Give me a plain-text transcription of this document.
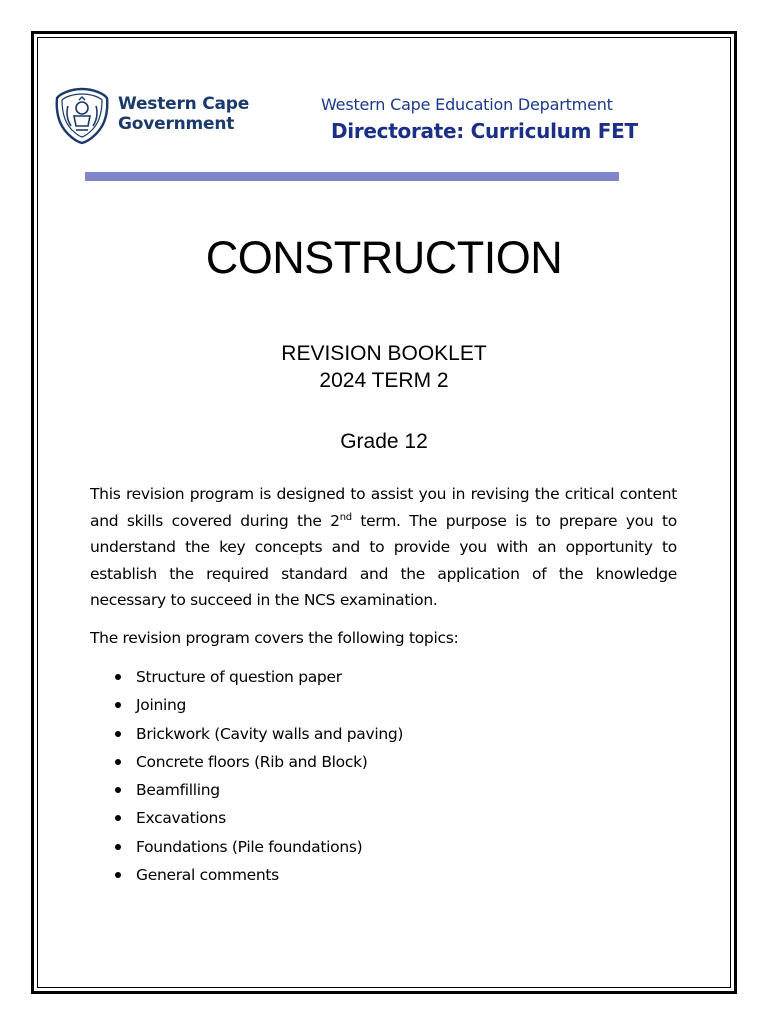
Western Cape
Government
Western Cape Education Department
Directorate: Curriculum FET
CONSTRUCTION
REVISION BOOKLET
2024 TERM 2
Grade 12

This revision program is designed to assist you in revising the critical content and skills covered during the 2nd term. The purpose is to prepare you to understand the key concepts and to provide you with an opportunity to establish the required standard and the application of the knowledge necessary to succeed in the NCS examination.

The revision program covers the following topics:

Structure of question paper
Joining
Brickwork (Cavity walls and paving)
Concrete floors (Rib and Block)
Beamfilling
Excavations
Foundations (Pile foundations)
General comments
